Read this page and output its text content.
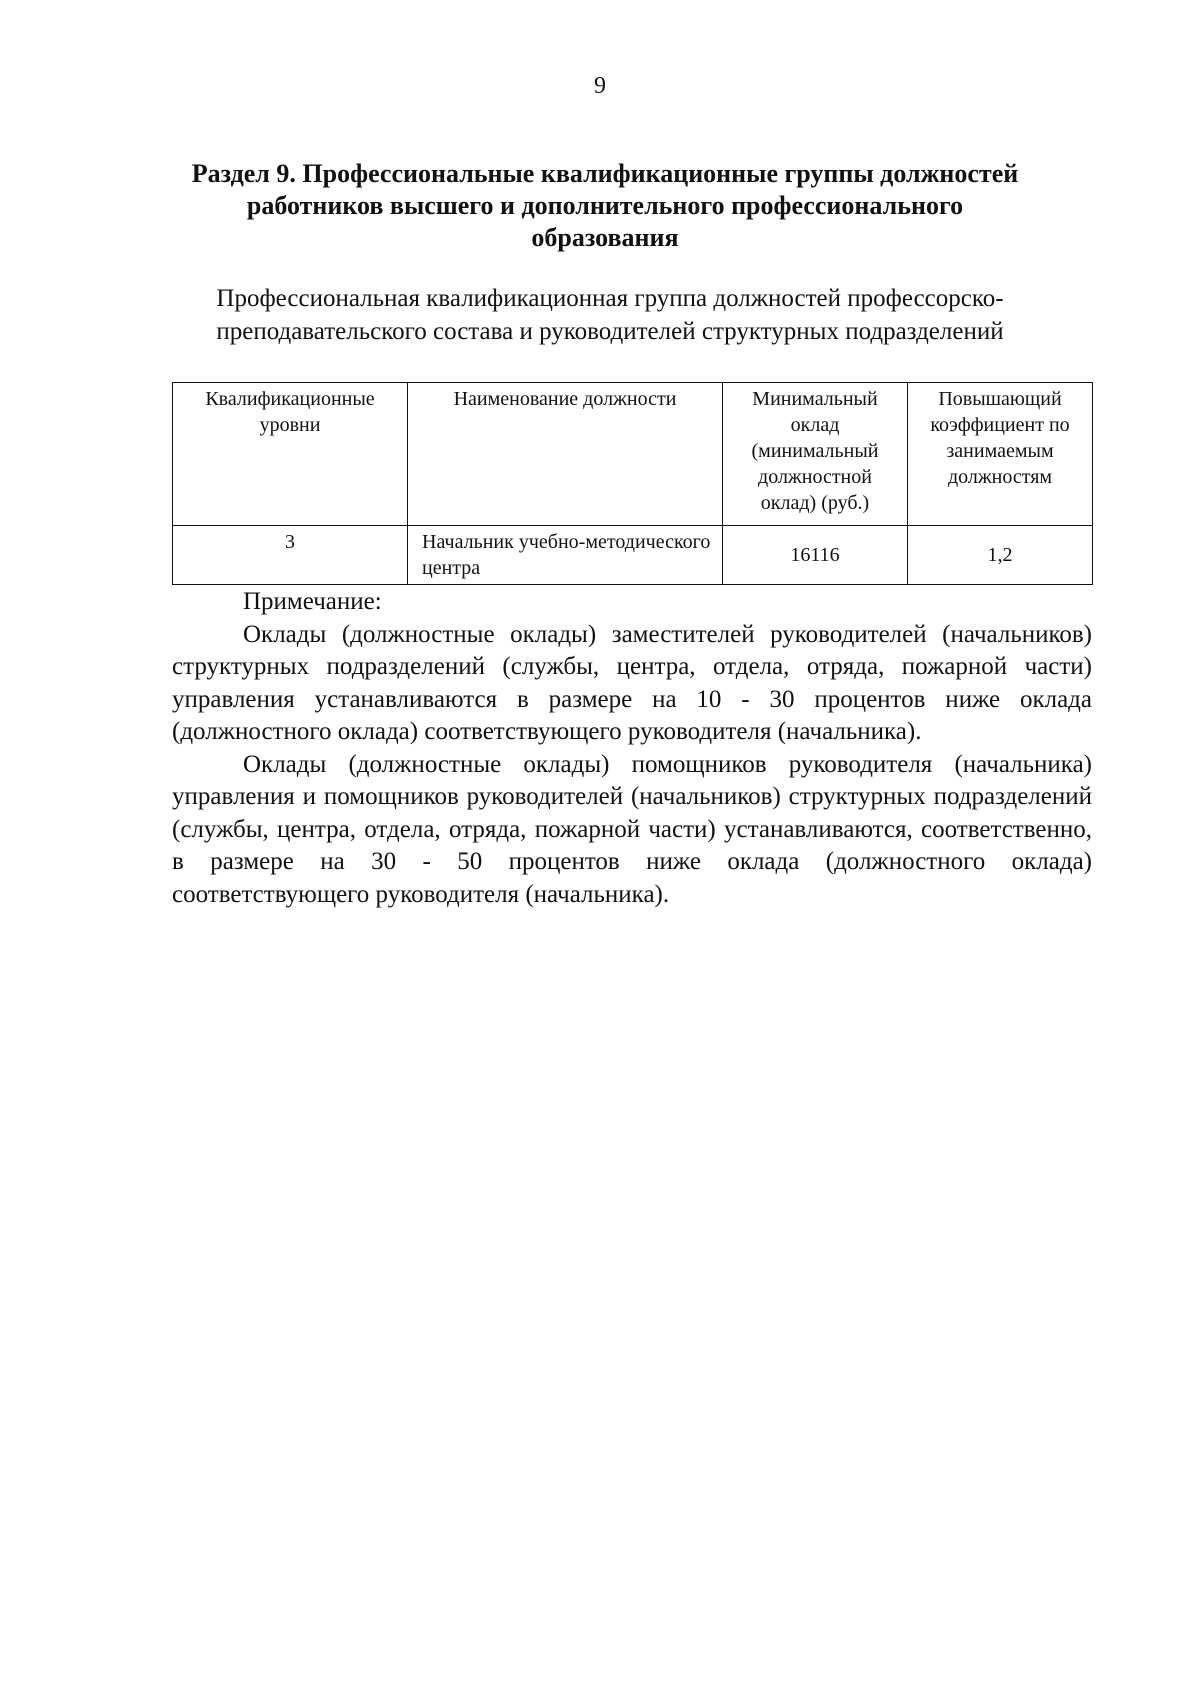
9
Раздел 9. Профессиональные квалификационные группы должностей
работников высшего и дополнительного профессионального
образования
Профессиональная квалификационная группа должностей профессорско-
преподавательского состава и руководителей структурных подразделений
Квалификационные уровни	Наименование должности	Минимальный оклад (минимальный должностной оклад) (руб.)	Повышающий коэффициент по занимаемым должностям
3	Начальник учебно-методического центра	16116	1,2
Примечание:

Оклады (должностные оклады) заместителей руководителей (начальников) структурных подразделений (службы, центра, отдела, отряда, пожарной части) управления устанавливаются в размере на 10 - 30 процентов ниже оклада (должностного оклада) соответствующего руководителя (начальника).

Оклады (должностные оклады) помощников руководителя (начальника) управления и помощников руководителей (начальников) структурных подразделений (службы, центра, отдела, отряда, пожарной части) устанавливаются, соответственно, в размере на 30 - 50 процентов ниже оклада (должностного оклада) соответствующего руководителя (начальника).
